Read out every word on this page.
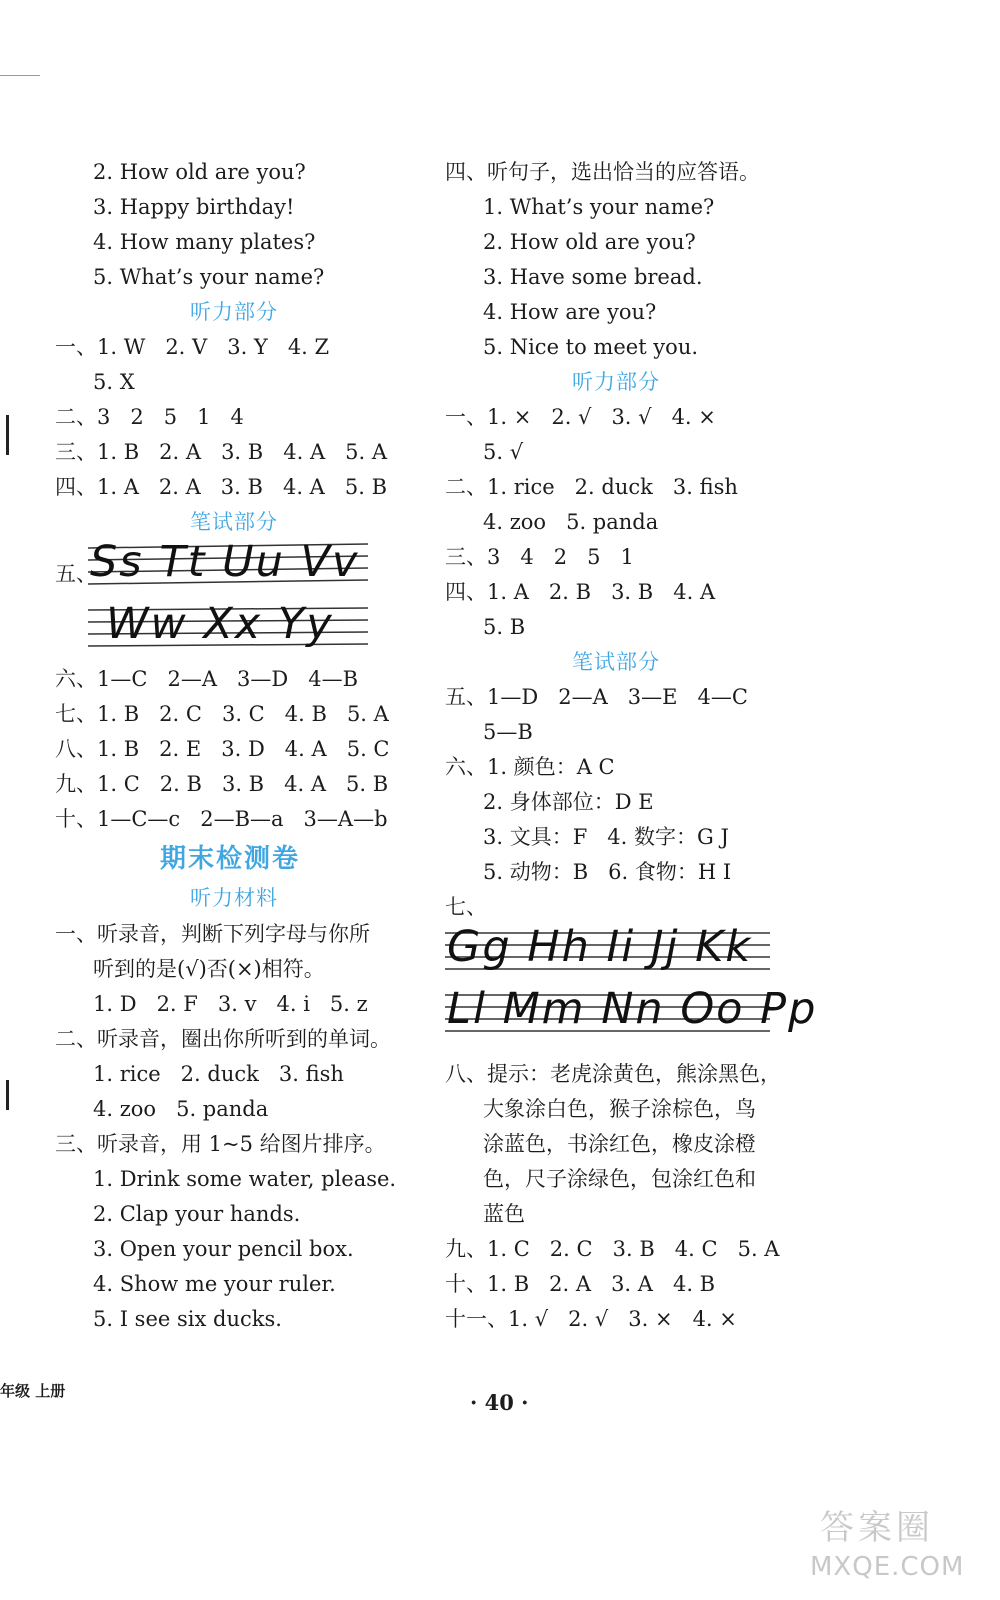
2. How old are you?
3. Happy birthday!
4. How many plates?
5. What’s your name?
听力部分
一、1. W   2. V   3. Y   4. Z
5. X
二、3   2   5   1   4
三、1. B   2. A   3. B   4. A   5. A
四、1. A   2. A   3. B   4. A   5. B
笔试部分
五、
Ss Tt Uu Vv
Ww Xx Yy
六、1—C   2—A   3—D   4—B
七、1. B   2. C   3. C   4. B   5. A
八、1. B   2. E   3. D   4. A   5. C
九、1. C   2. B   3. B   4. A   5. B
十、1—C—c   2—B—a   3—A—b
期末检测卷
听力材料
一、听录音，判断下列字母与你所
听到的是(√)否(×)相符。
1. D   2. F   3. v   4. i   5. z
二、听录音，圈出你所听到的单词。
1. rice   2. duck   3. fish
4. zoo   5. panda
三、听录音，用 1~5 给图片排序。
1. Drink some water, please.
2. Clap your hands.
3. Open your pencil box.
4. Show me your ruler.
5. I see six ducks.
四、听句子，选出恰当的应答语。
1. What’s your name?
2. How old are you?
3. Have some bread.
4. How are you?
5. Nice to meet you.
听力部分
一、1. ×   2. √   3. √   4. ×
5. √
二、1. rice   2. duck   3. fish
4. zoo   5. panda
三、3   4   2   5   1
四、1. A   2. B   3. B   4. A
5. B
笔试部分
五、1—D   2—A   3—E   4—C
5—B
六、1. 颜色：A C
2. 身体部位：D E
3. 文具：F   4. 数字：G J
5. 动物：B   6. 食物：H I
七、
Gg Hh Ii Jj Kk
Ll Mm Nn Oo Pp
八、提示：老虎涂黄色，熊涂黑色，
大象涂白色，猴子涂棕色，鸟
涂蓝色，书涂红色，橡皮涂橙
色，尺子涂绿色，包涂红色和
蓝色
九、1. C   2. C   3. B   4. C   5. A
十、1. B   2. A   3. A   4. B
十一、1. √   2. √   3. ×   4. ×
年级 上册	· 40 ·
答案圈
MXQE.COM
